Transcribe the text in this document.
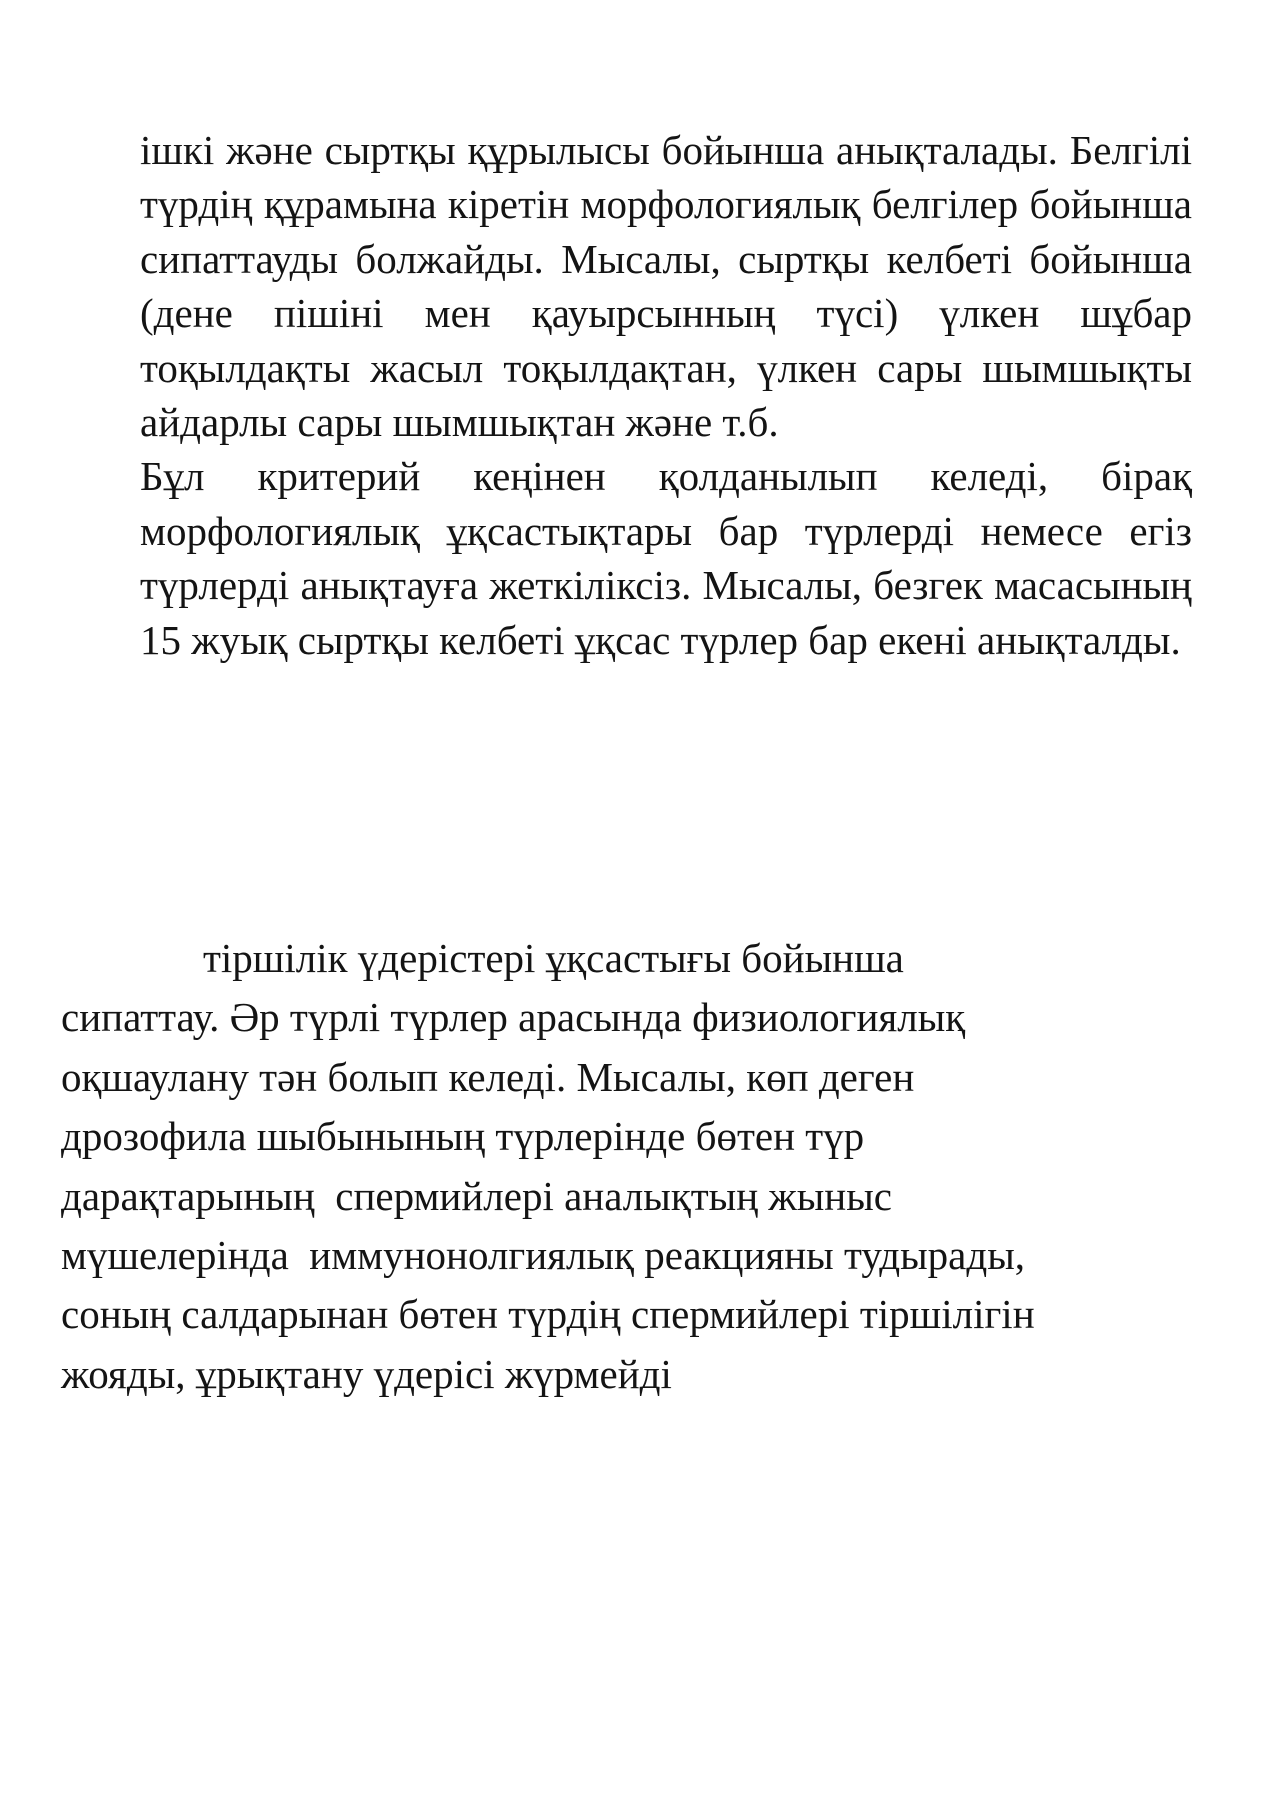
ішкі және сыртқы құрылысы бойынша анықталады. Белгілі түрдің құрамына кіретін морфологиялық белгілер бойынша сипаттауды болжайды. Мысалы, сыртқы келбеті бойынша (дене пішіні мен қауырсынның түсі) үлкен шұбар тоқылдақты жасыл тоқылдақтан, үлкен сары шымшықты айдарлы сары шымшықтан және т.б.

Бұл критерий кеңінен қолданылып келеді, бірақ морфологиялық ұқсастықтары бар түрлерді немесе егіз түрлерді анықтауға жеткіліксіз. Мысалы, безгек масасының 15 жуық сыртқы келбеті ұқсас түрлер бар екені анықталды.

тіршілік үдерістері ұқсастығы бойынша
сипаттау. Әр түрлі түрлер арасында физиологиялық
оқшаулану тән болып келеді. Мысалы, көп деген
дрозофила шыбынының түрлерінде бөтен түр
дарақтарының  спермийлері аналықтың жыныс
мүшелерінда  иммунонолгиялық реакцияны тудырады,
соның салдарынан бөтен түрдің спермийлері тіршілігін
жояды, ұрықтану үдерісі жүрмейді
